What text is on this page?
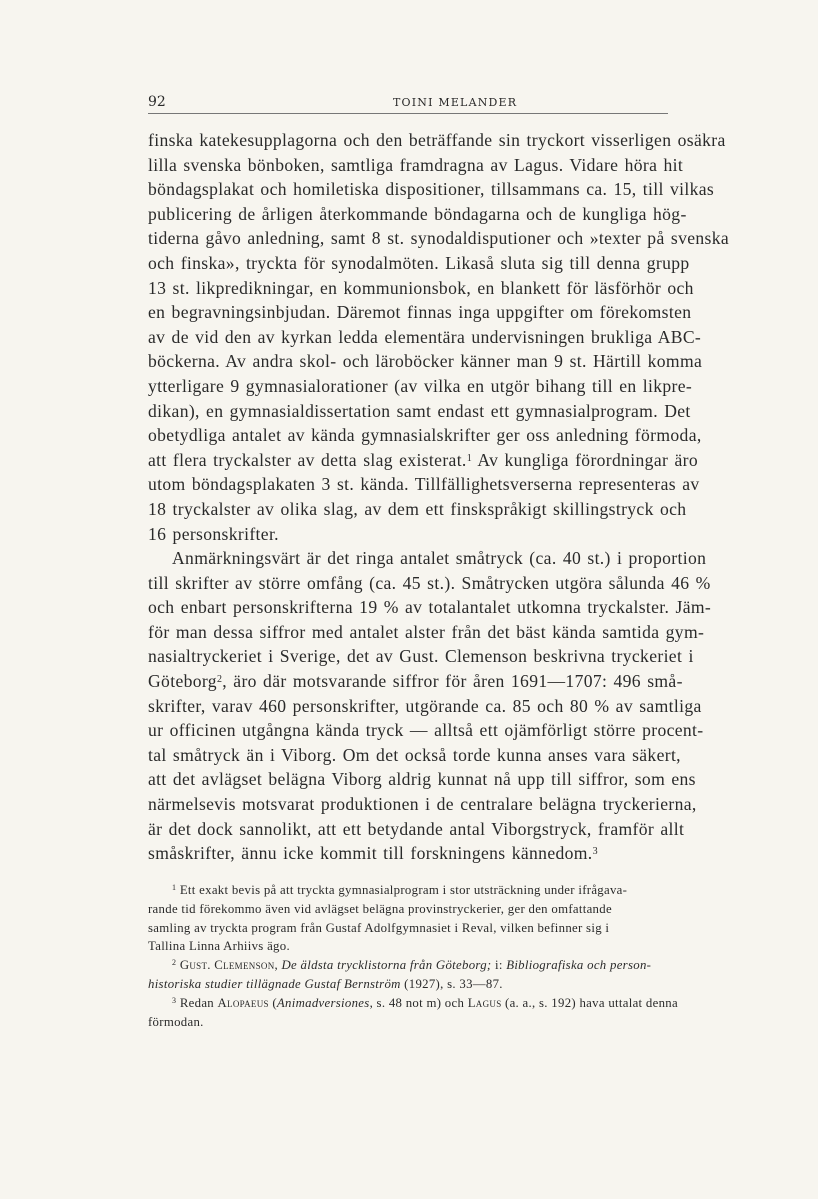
92	TOINI MELANDER
finska katekesupplagorna och den beträffande sin tryckort visserligen osäkra
lilla svenska bönboken, samtliga framdragna av Lagus. Vidare höra hit
böndagsplakat och homiletiska dispositioner, tillsammans ca. 15, till vilkas
publicering de årligen återkommande böndagarna och de kungliga hög-
tiderna gåvo anledning, samt 8 st. synodaldisputioner och »texter på svenska
och finska», tryckta för synodalmöten. Likaså sluta sig till denna grupp
13 st. likpredikningar, en kommunionsbok, en blankett för läsförhör och
en begravningsinbjudan. Däremot finnas inga uppgifter om förekomsten
av de vid den av kyrkan ledda elementära undervisningen brukliga ABC-
böckerna. Av andra skol- och läroböcker känner man 9 st. Härtill komma
ytterligare 9 gymnasialorationer (av vilka en utgör bihang till en likpre-
dikan), en gymnasialdissertation samt endast ett gymnasialprogram. Det
obetydliga antalet av kända gymnasialskrifter ger oss anledning förmoda,
att flera tryckalster av detta slag existerat.$^1$ Av kungliga förordningar äro
utom böndagsplakaten 3 st. kända. Tillfällighetsverserna representeras av
18 tryckalster av olika slag, av dem ett finskspråkigt skillingstryck och
16 personskrifter.
Anmärkningsvärt är det ringa antalet småtryck (ca. 40 st.) i proportion
till skrifter av större omfång (ca. 45 st.). Småtrycken utgöra sålunda 46 %
och enbart personskrifterna 19 % av totalantalet utkomna tryckalster. Jäm-
för man dessa siffror med antalet alster från det bäst kända samtida gym-
nasialtryckeriet i Sverige, det av Gust. Clemenson beskrivna tryckeriet i
Göteborg$^2$, äro där motsvarande siffror för åren 1691—1707: 496 små-
skrifter, varav 460 personskrifter, utgörande ca. 85 och 80 % av samtliga
ur officinen utgångna kända tryck — alltså ett ojämförligt större procent-
tal småtryck än i Viborg. Om det också torde kunna anses vara säkert,
att det avlägset belägna Viborg aldrig kunnat nå upp till siffror, som ens
närmelsevis motsvarat produktionen i de centralare belägna tryckerierna,
är det dock sannolikt, att ett betydande antal Viborgstryck, framför allt
småskrifter, ännu icke kommit till forskningens kännedom.$^3$
$^1$ Ett exakt bevis på att tryckta gymnasialprogram i stor utsträckning under ifrågava-
rande tid förekommo även vid avlägset belägna provinstryckerier, ger den omfattande
samling av tryckta program från Gustaf Adolfgymnasiet i Reval, vilken befinner sig i
Tallina Linna Arhiivs ägo.
$^2$ Gust. Clemenson, De äldsta trycklistorna från Göteborg; i: Bibliografiska och person-
historiska studier tillägnade Gustaf Bernström (1927), s. 33—87.
$^3$ Redan Alopaeus (Animadversiones, s. 48 not m) och Lagus (a. a., s. 192) hava uttalat denna
förmodan.
